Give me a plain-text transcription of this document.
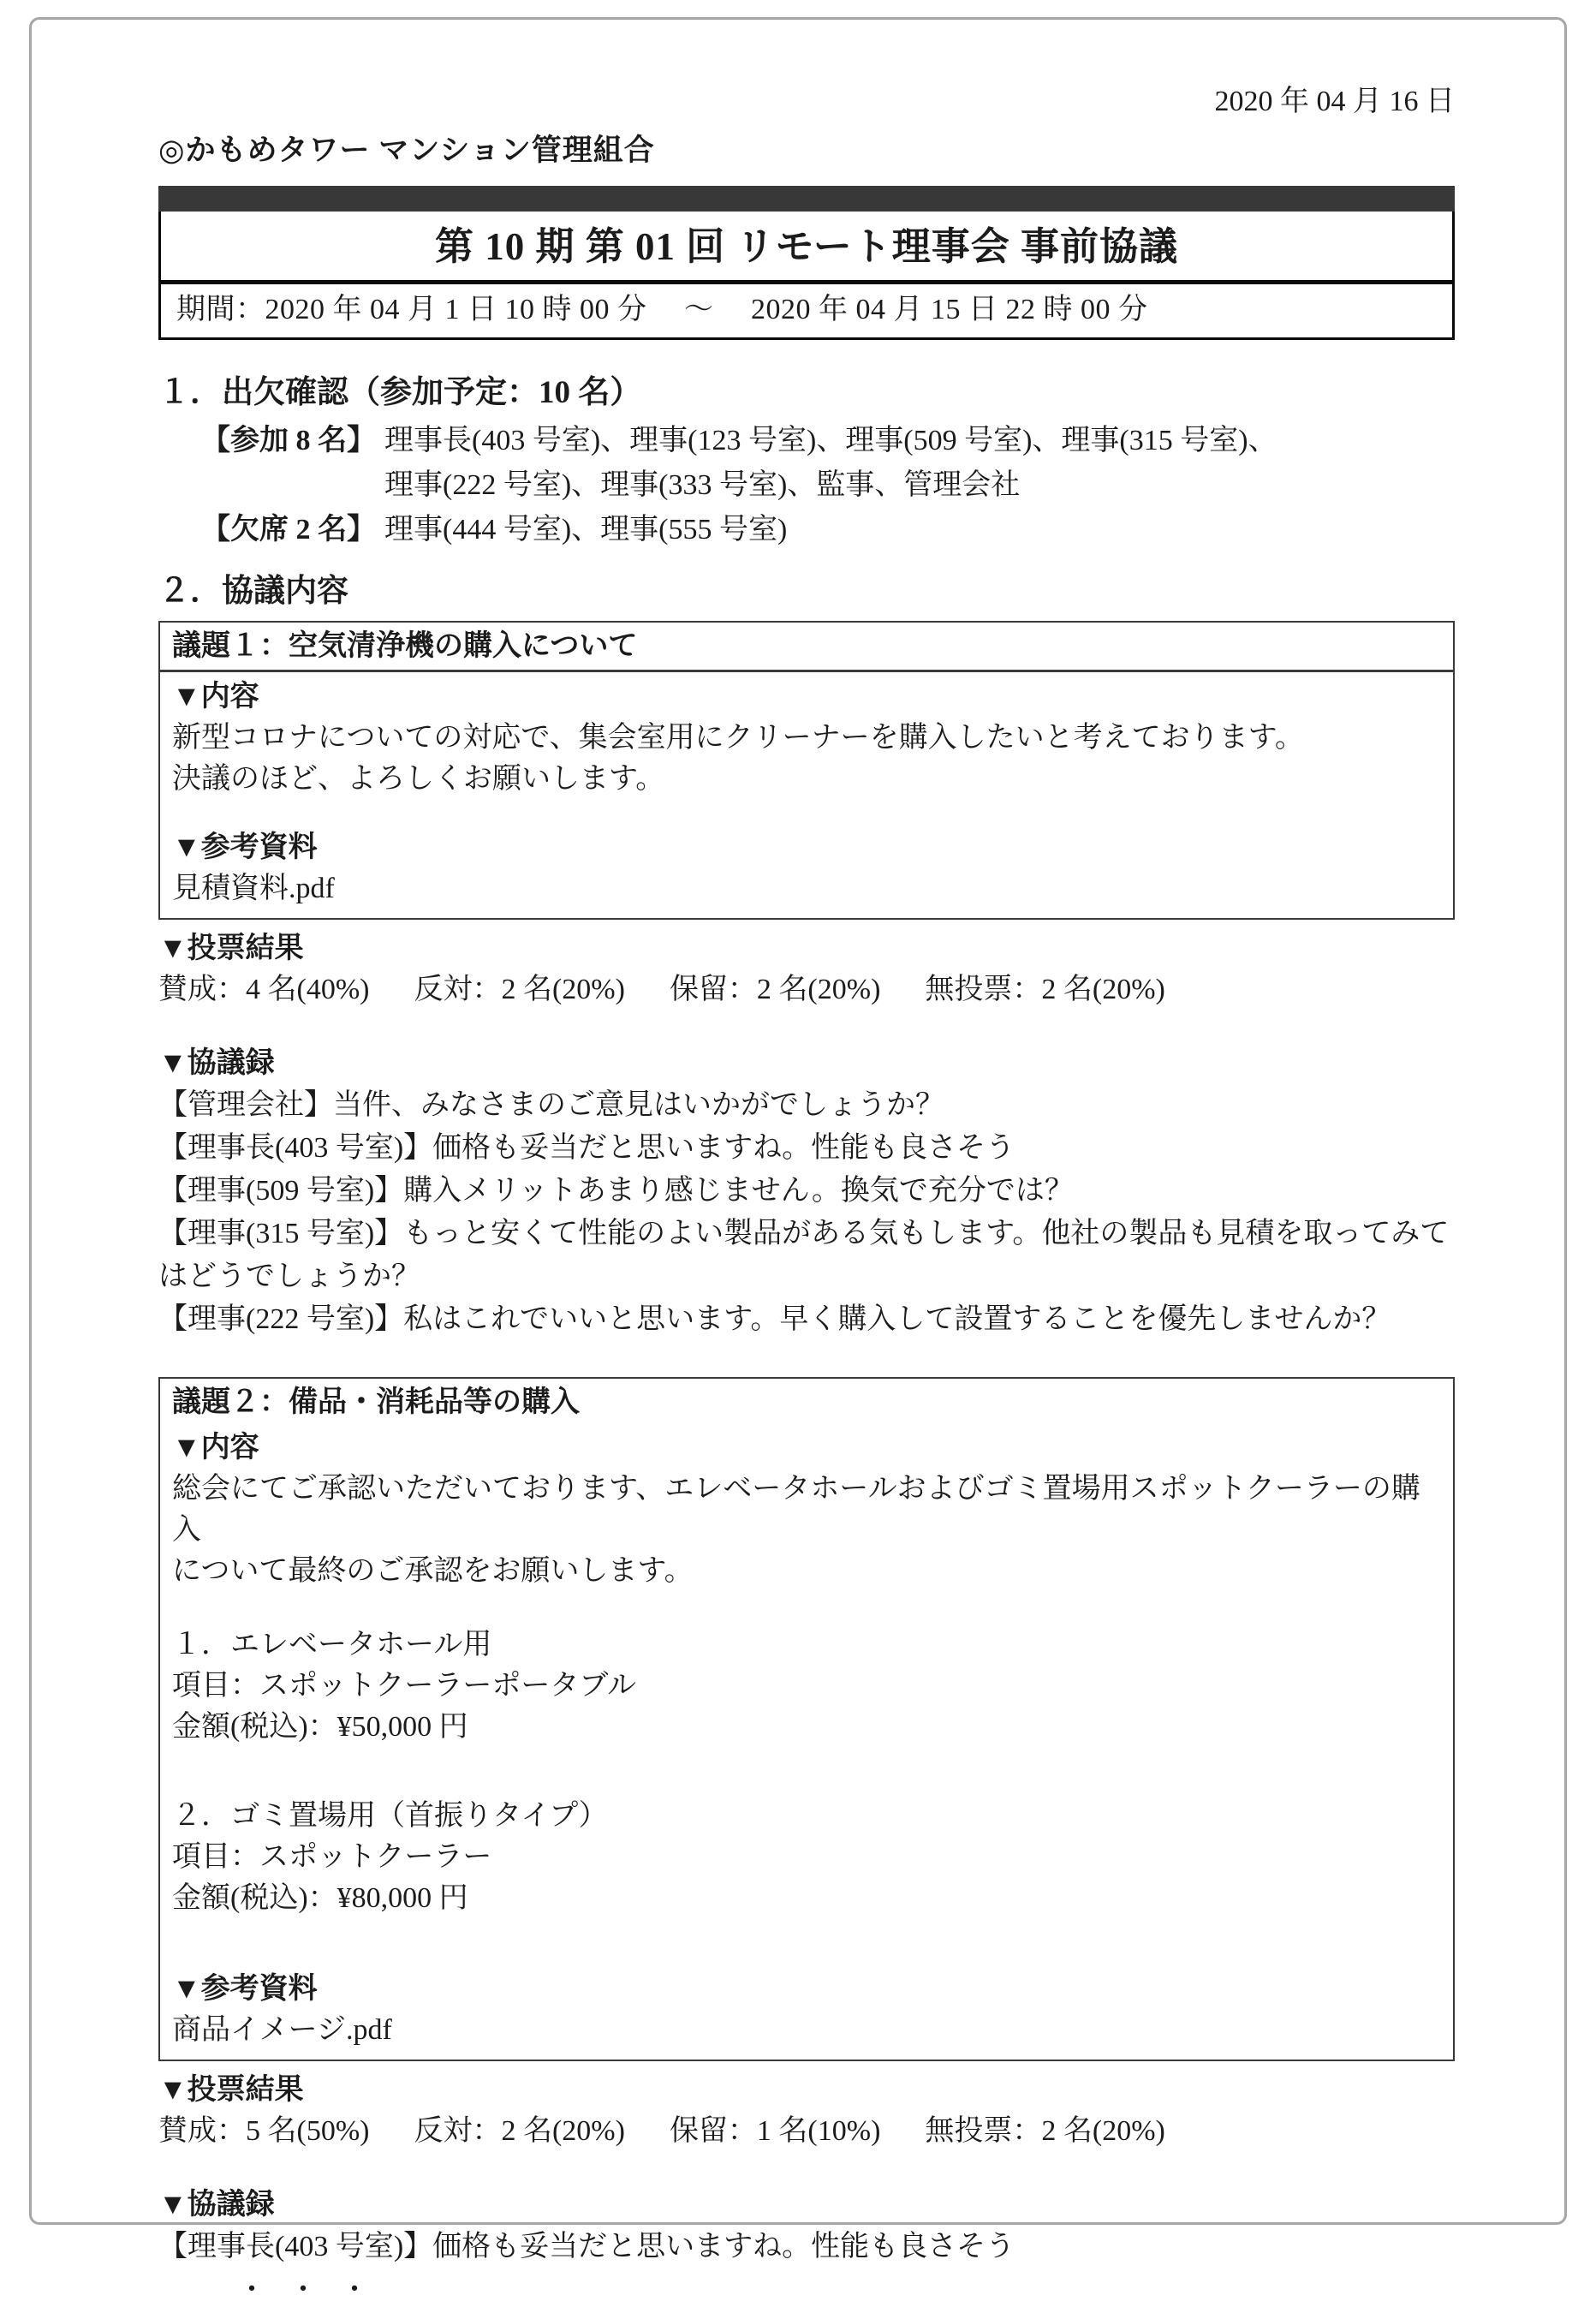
2020 年 04 月 16 日
◎かもめタワー マンション管理組合
第 10 期 第 01 回 リモート理事会 事前協議
期間：2020 年 04 月 1 日 10 時 00 分　 ～ 　2020 年 04 月 15 日 22 時 00 分
１．出欠確認（参加予定：10 名）
【参加 8 名】 理事長(403 号室)、理事(123 号室)、理事(509 号室)、理事(315 号室)、
理事(222 号室)、理事(333 号室)、監事、管理会社
【欠席 2 名】 理事(444 号室)、理事(555 号室)
２．協議内容
議題１：空気清浄機の購入について
▼内容
新型コロナについての対応で、集会室用にクリーナーを購入したいと考えております。
決議のほど、よろしくお願いします。
▼参考資料
見積資料.pdf
▼投票結果
賛成：4 名(40%) 反対：2 名(20%) 保留：2 名(20%) 無投票：2 名(20%)
▼協議録

【管理会社】当件、みなさまのご意見はいかがでしょうか？

【理事長(403 号室)】価格も妥当だと思いますね。性能も良さそう

【理事(509 号室)】購入メリットあまり感じません。換気で充分では？

【理事(315 号室)】もっと安くて性能のよい製品がある気もします。他社の製品も見積を取ってみてはどうでしょうか？

【理事(222 号室)】私はこれでいいと思います。早く購入して設置することを優先しませんか？

議題２：備品・消耗品等の購入
▼内容
総会にてご承認いただいております、エレベータホールおよびゴミ置場用スポットクーラーの購入
について最終のご承認をお願いします。
１．エレベータホール用
項目：スポットクーラーポータブル
金額(税込)：¥50,000 円
２．ゴミ置場用（首振りタイプ）
項目：スポットクーラー
金額(税込)：¥80,000 円
▼参考資料
商品イメージ.pdf
▼投票結果
賛成：5 名(50%) 反対：2 名(20%) 保留：1 名(10%) 無投票：2 名(20%)
▼協議録

【理事長(403 号室)】価格も妥当だと思いますね。性能も良さそう

・・・
